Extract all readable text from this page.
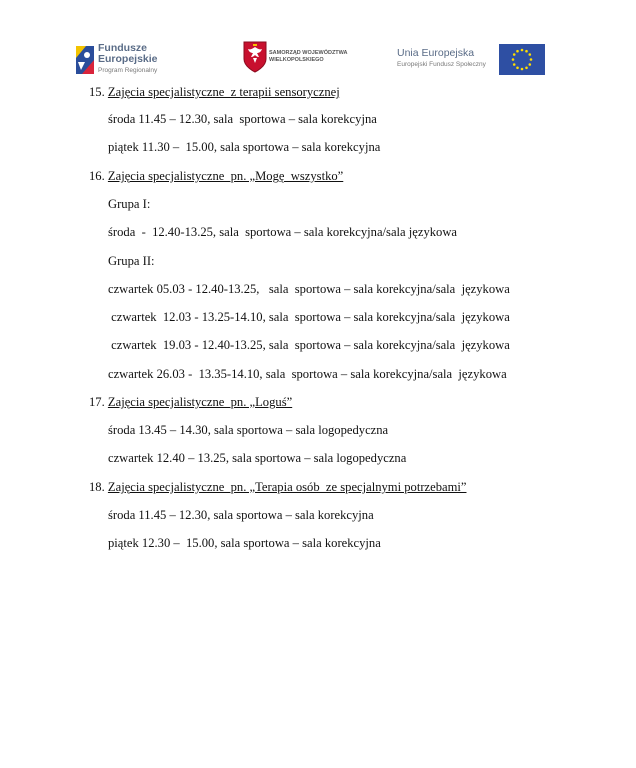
Fundusze
Europejskie
Program Regionalny
SAMORZĄD WOJEWÓDZTWA
WIELKOPOLSKIEGO
Unia Europejska
Europejski Fundusz Społeczny
15. Zajęcia specjalistyczne  z terapii sensorycznej
środa 11.45 – 12.30, sala  sportowa – sala korekcyjna
piątek 11.30 –  15.00, sala sportowa – sala korekcyjna
16. Zajęcia specjalistyczne  pn. „Mogę  wszystko”
Grupa I:
środa  -  12.40-13.25, sala  sportowa – sala korekcyjna/sala językowa
Grupa II:
czwartek 05.03 - 12.40-13.25,   sala  sportowa – sala korekcyjna/sala  językowa
czwartek  12.03 - 13.25-14.10, sala  sportowa – sala korekcyjna/sala  językowa
czwartek  19.03 - 12.40-13.25, sala  sportowa – sala korekcyjna/sala  językowa
czwartek 26.03 -  13.35-14.10, sala  sportowa – sala korekcyjna/sala  językowa
17. Zajęcia specjalistyczne  pn. „Loguś”
środa 13.45 – 14.30, sala sportowa – sala logopedyczna
czwartek 12.40 – 13.25, sala sportowa – sala logopedyczna
18. Zajęcia specjalistyczne  pn. „Terapia osób  ze specjalnymi potrzebami”
środa 11.45 – 12.30, sala sportowa – sala korekcyjna
piątek 12.30 –  15.00, sala sportowa – sala korekcyjna
